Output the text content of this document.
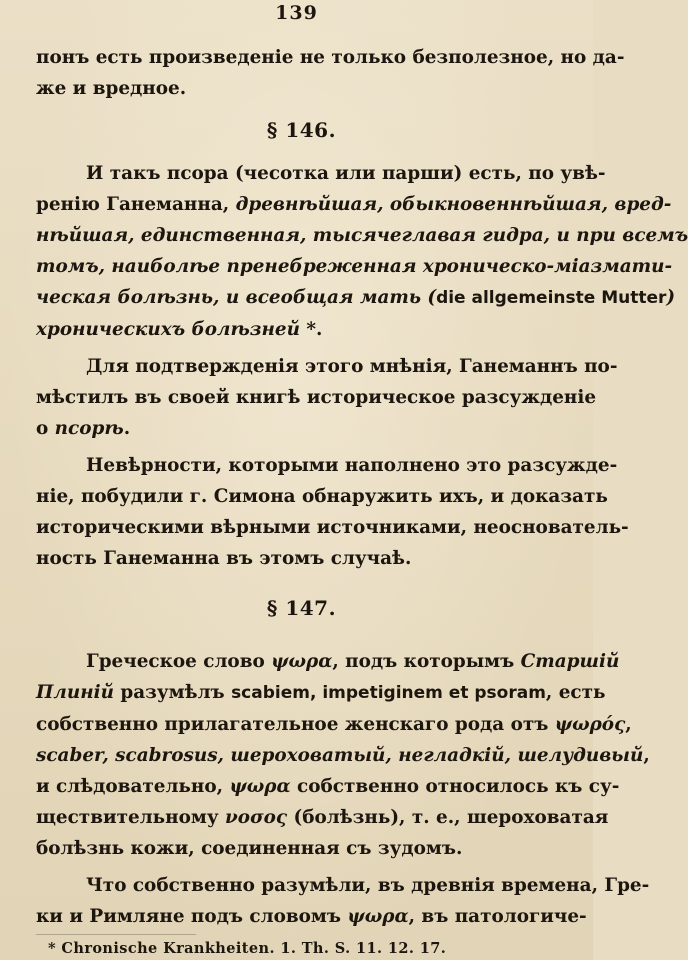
139

понъ есть произведеніе не только безполезное, но да-
же и вредное.

§ 146.

И такъ псора (чесотка или парши) есть, по увѣ-
ренію Ганеманна, древнѣйшая, обыкновеннѣйшая, вред-
нѣйшая, единственная, тысячеглавая гидра, и при всемъ
томъ, наиболѣе пренебреженная хроническо-міазмати-
ческая болѣзнь, и всеобщая мать (die allgemeinste Mutter)
хроническихъ болѣзней *.

Для подтвержденія этого мнѣнія, Ганеманнъ по-
мѣстилъ въ своей книгѣ историческое разсужденіе
о псорѣ.

Невѣрности, которыми наполнено это разсужде-
ніе, побудили г. Симона обнаружить ихъ, и доказать
историческими вѣрными источниками, неоснователь-
ность Ганеманна въ этомъ случаѣ.

§ 147.

Греческое слово ψωρα, подъ которымъ Старшій
Плиній разумѣлъ scabiem, impetiginem et psoram, есть
собственно прилагательное женскаго рода отъ ψωρός,
scaber, scabrosus, шероховатый, негладкій, шелудивый,
и слѣдовательно, ψωρα собственно относилось къ су-
ществительному νοσος (болѣзнь), т. е., шероховатая
болѣзнь кожи, соединенная съ зудомъ.

Что собственно разумѣли, въ древнія времена, Гре-
ки и Римляне подъ словомъ ψωρα, въ патологиче-

* Chronische Krankheiten. 1. Th. S. 11. 12. 17.
